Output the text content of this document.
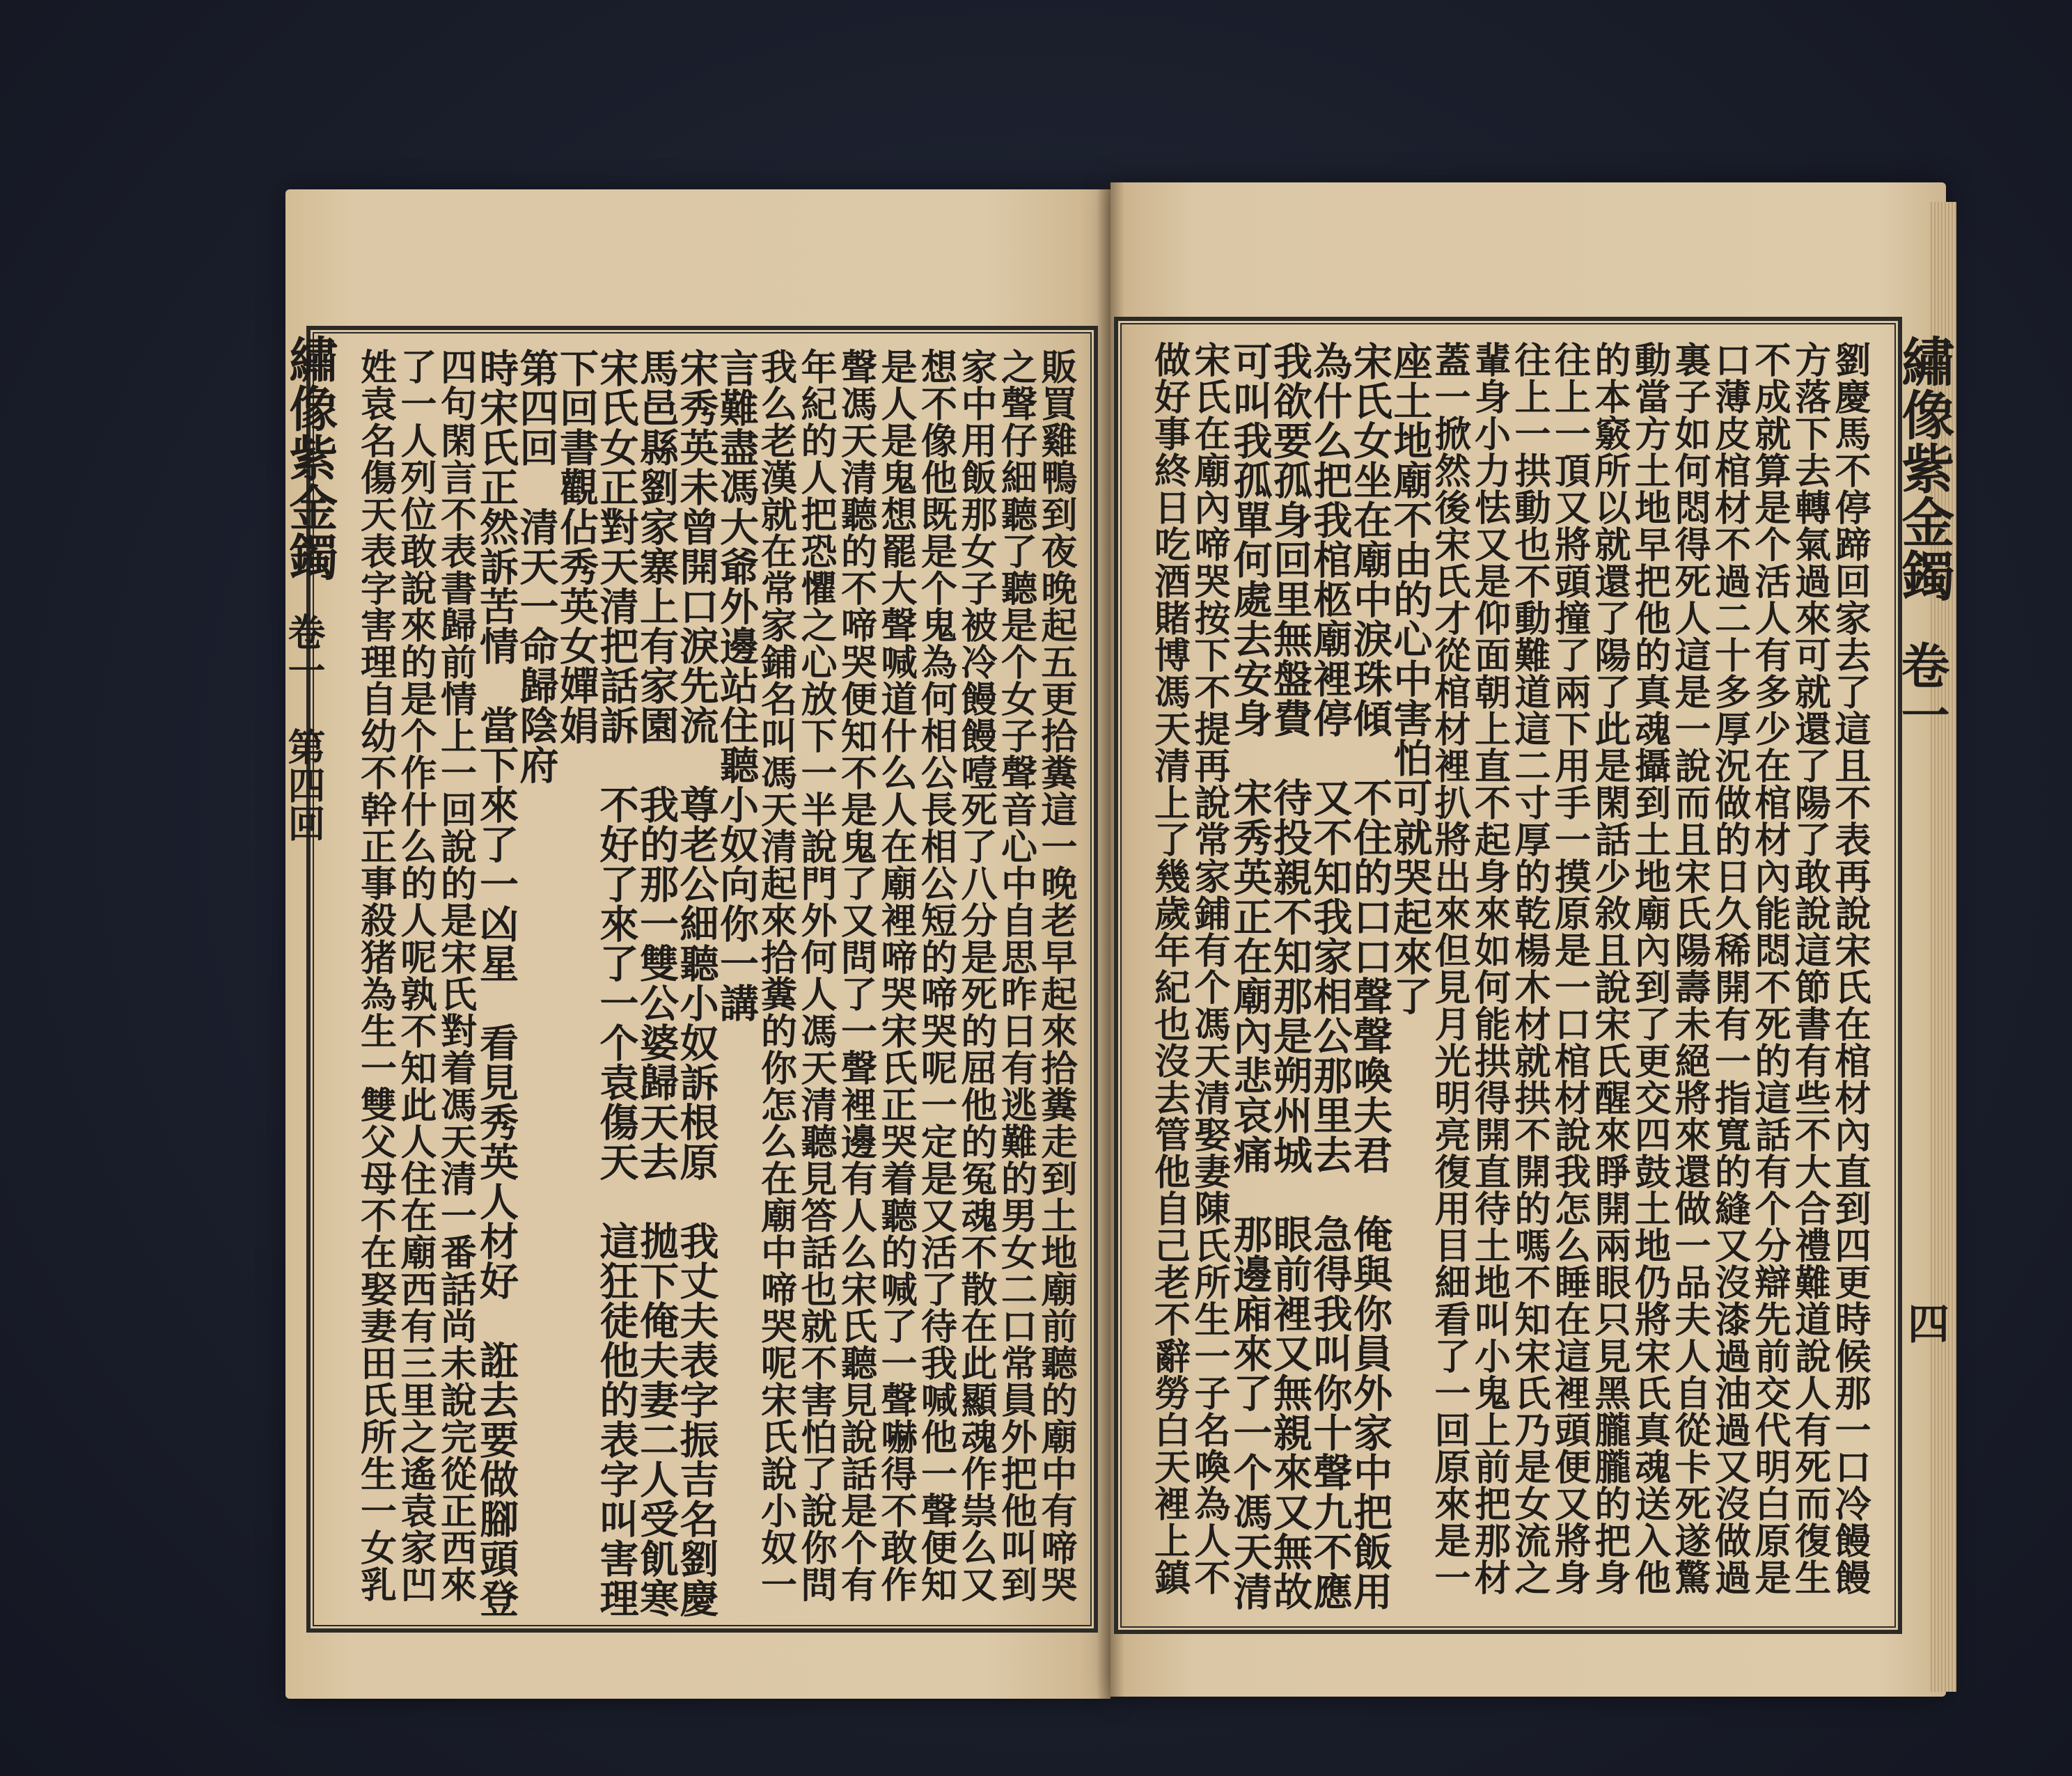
繡像紫金鐲
卷一
四
劉慶馬不停蹄回家去了這且不表再說宋氏在棺材內直到四更時候那一口冷饅饅
方落下去轉氣過來可就還了陽了敢說這節書有些不大合禮難道說人有死而復生
不成就算是个活人有多少在棺材內能悶不死的這話有个分辯先前交代明白原是
口薄皮棺材不過二十多厚況做的日久稀開有一指寬的縫又沒漆過油過又沒做過
裏子如何悶得死人這是一說而且宋氏陽壽未絕將來還做一品夫人自從卡死遂驚
動當方土地早把他的真魂攝到土地廟內到了更交四鼓土地仍將宋氏真魂送入他
的本竅所以就還了陽了此是閑話少敘且說宋氏醒來睜開兩眼只見黑朧朧的把身
往上一頂又將頭撞了兩下用手一摸原是一口棺材說我怎么睡在這裡頭便又將身
往上一拱動也不動難道這二寸厚的乾楊木材就拱不開的嗎不知宋氏乃是女流之
輩身小力怯又是仰面朝上直不起身來如何能拱得開直待土地叫小鬼上前把那材
蓋一掀然後宋氏才從棺材裡扒將出來但見月光明亮復用目細看了一回原來是一
座土地廟不由的心中害怕可就哭起來了
宋氏女坐在廟中淚珠傾　不住的口口聲聲喚夫君　俺與你員外家中把飯用
為什么把我棺柩廟裡停　又不知我家相公那里去　急得我叫你十聲九不應
我欲要孤身回里無盤費　待投親不知那是朔州城　眼前裡又無親來又無故
可叫我孤單何處去安身　宋秀英正在廟內悲哀痛　那邊廂來了一个馮天清
宋氏在廟內啼哭按下不提再說常家鋪有个馮天清娶妻陳氏所生一子名喚為人不
做好事終日吃酒賭博馮天清上了幾歲年紀也沒去管他自己老不辭勞白天裡上鎮
繡像紫金鐲
卷一　第四回	販買雞鴨到夜晚起五更拾糞這一晚老早起來拾糞走到土地廟前聽的廟中有啼哭
之聲仔細聽了聽是个女子聲音心中自思昨日有逃難的男女二口常員外把他叫到
家中用飯那女子被冷饅饅噎死了八分是死的屈他的冤魂不散在此顯魂作祟么又
想不像他既是个鬼為何相公長相公短的啼哭呢一定是又活了待我喊他一聲便知
是人是鬼想罷大聲喊道什么人在廟裡啼哭宋氏正哭着聽的喊了一聲嚇得不敢作
聲馮天清聽的不啼哭便知不是鬼了又問了一聲裡邊有人么宋氏聽見說話是个有
年紀的人把恐懼之心放下一半說門外何人馮天清聽見答話也就不害怕了說你問
我么老漢就在常家鋪名叫馮天清起來拾糞的你怎么在廟中啼哭呢宋氏說小奴一
言難盡馮大爺外邊站住聽小奴向你一講
宋秀英未曾開口淚先流　尊老公細聽小奴訴根原　我丈夫表字振吉名劉慶
馬邑縣劉家寨上有家園　我的那一雙公婆歸天去　拋下俺夫妻二人受飢寒
宋氏女正對天清把話訴　不好了來了一个袁傷天　這狂徒他的表字叫害理
下回書觀佔秀英女嬋娟
第四回　清天一命歸陰府
時宋氏正然訴苦情　當下來了一凶星　看見秀英人材好　誑去要做腳頭登
四句閑言不表書歸前情上一回說的是宋氏對着馮天清一番話尚未說完從正西來
了一人列位敢說來的是个作什么的人呢孰不知此人住在廟西有三里之遙袁家凹
姓袁名傷天表字害理自幼不幹正事殺猪為生一雙父母不在娶妻田氏所生一女乳
